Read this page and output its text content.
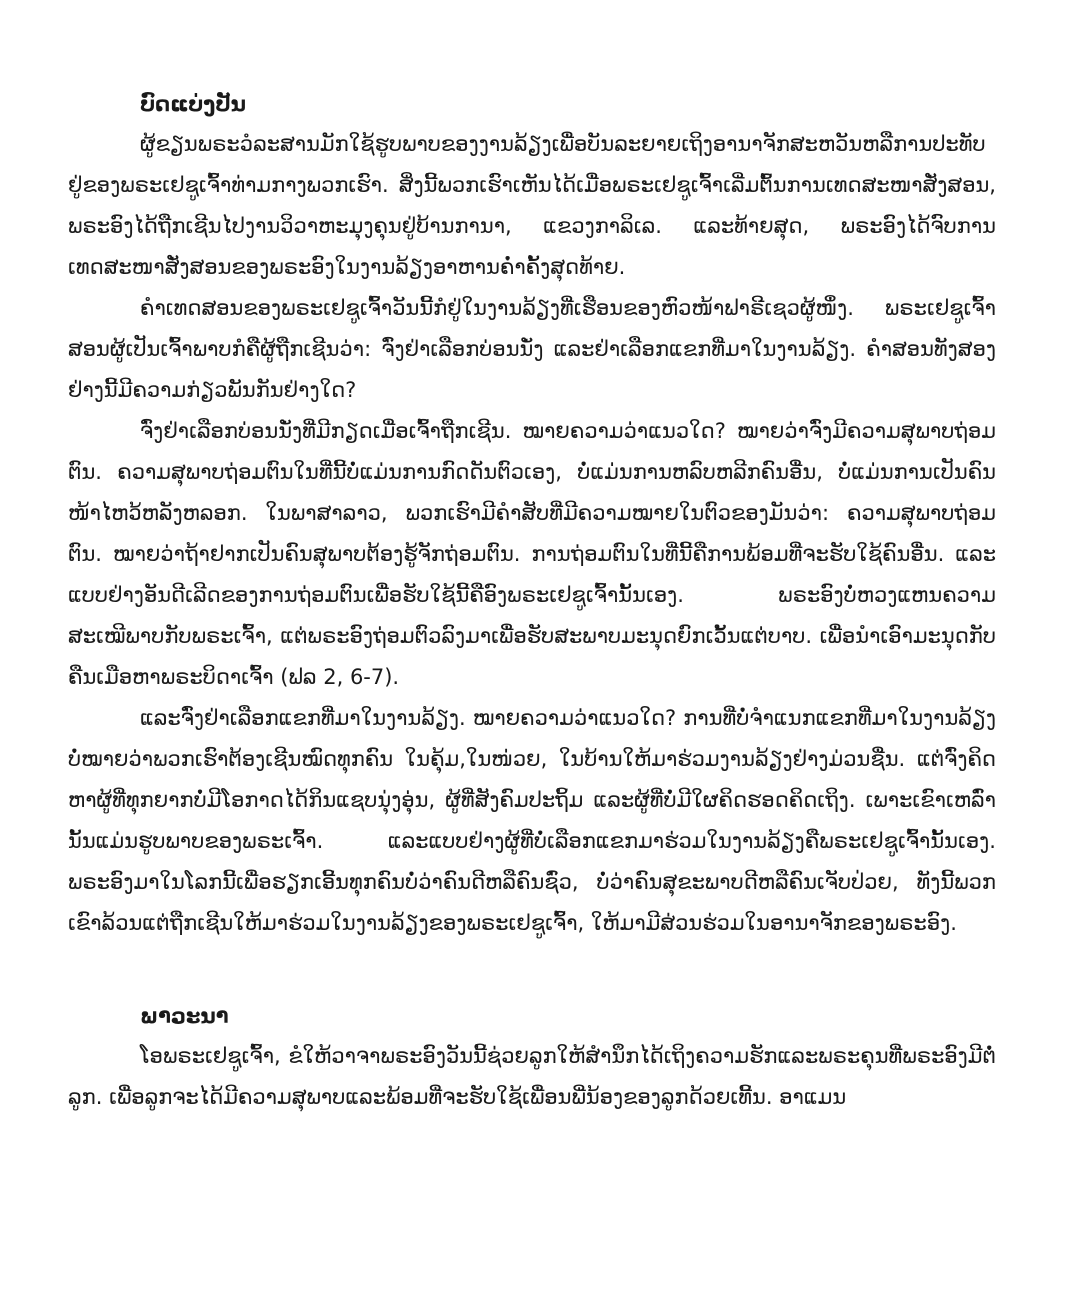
ບົດແບ່ງປັນ

ຜູ້ຂຽນພຣະວໍລະສານມັກໃຊ້ຮູບພາບຂອງງານລ້ຽງເພື່ອບັນລະຍາຍເຖິງອານາຈັກສະຫວັນຫລືການປະທັບຢູ່ຂອງພຣະເຢຊູເຈົ້າທ່າມກາງພວກເຮົາ. ສິ່ງນີ້ພວກເຮົາເຫັນໄດ້ເມື່ອພຣະເຢຊູເຈົ້າເລີ່ມຕົ້ນການເທດສະໜາສັ່ງສອນ, ພຣະອົງໄດ້ຖືກເຊີນໄປງານວິວາຫະມຸງຄຸນຢູ່ບ້ານການາ, ແຂວງກາລິເລ. ແລະທ້າຍສຸດ, ພຣະອົງໄດ້ຈົບການເທດສະໜາສັ່ງສອນຂອງພຣະອົງໃນງານລ້ຽງອາຫານຄ່ຳຄັ້ງສຸດທ້າຍ.

ຄຳເທດສອນຂອງພຣະເຢຊູເຈົ້າວັນນີ້ກໍຢູ່ໃນງານລ້ຽງທີ່ເຮືອນຂອງຫົວໜ້າຟາຣີເຊວຜູ້ໜຶ່ງ. ພຣະເຢຊູເຈົ້າສອນຜູ້ເປັນເຈົ້າພາບກໍຄືຜູ້ຖືກເຊີນວ່າ: ຈົ່ງຢ່າເລືອກບ່ອນນັ່ງ ແລະຢ່າເລືອກແຂກທີ່ມາໃນງານລ້ຽງ. ຄຳສອນທັງສອງຢ່າງນີ້ມີຄວາມກ່ຽວພັນກັນຢ່າງໃດ?

ຈົ່ງຢ່າເລືອກບ່ອນນັ່ງທີ່ມີກຽດເມື່ອເຈົ້າຖືກເຊີນ. ໝາຍຄວາມວ່າແນວໃດ? ໝາຍວ່າຈົ່ງມີຄວາມສຸພາບຖ່ອມຕົນ. ຄວາມສຸພາບຖ່ອມຕົນໃນທີ່ນີ້ບໍ່ແມ່ນການກົດດັນຕົວເອງ, ບໍ່ແມ່ນການຫລົບຫລີກຄົນອື່ນ, ບໍ່ແມ່ນການເປັນຄົນໜ້າໄຫວ້ຫລັງຫລອກ. ໃນພາສາລາວ, ພວກເຮົາມີຄຳສັບທີ່ມີຄວາມໝາຍໃນຕົວຂອງມັນວ່າ: ຄວາມສຸພາບຖ່ອມຕົນ. ໝາຍວ່າຖ້າຢາກເປັນຄົນສຸພາບຕ້ອງຮູ້ຈັກຖ່ອມຕົນ. ການຖ່ອມຕົນໃນທີ່ນີ້ຄືການພ້ອມທີ່ຈະຮັບໃຊ້ຄົນອື່ນ. ແລະແບບຢ່າງອັນດີເລີດຂອງການຖ່ອມຕົນເພື່ອຮັບໃຊ້ນີ້ຄືອົງພຣະເຢຊູເຈົ້ານັ້ນເອງ. ພຣະອົງບໍ່ຫວງແຫນຄວາມສະເໝີພາບກັບພຣະເຈົ້າ, ແຕ່ພຣະອົງຖ່ອມຕົວລົງມາເພື່ອຮັບສະພາບມະນຸດຍົກເວັ້ນແຕ່ບາບ. ເພື່ອນຳເອົາມະນຸດກັບຄືນເມືອຫາພຣະບິດາເຈົ້າ (ຟລ 2, 6-7).

ແລະຈົ່ງຢ່າເລືອກແຂກທີ່ມາໃນງານລ້ຽງ. ໝາຍຄວາມວ່າແນວໃດ? ການທີ່ບໍ່ຈຳແນກແຂກທີ່ມາໃນງານລ້ຽງບໍ່ໝາຍວ່າພວກເຮົາຕ້ອງເຊີນໝົດທຸກຄົນ ໃນຄຸ້ມ,ໃນໜ່ວຍ, ໃນບ້ານໃຫ້ມາຮ່ວມງານລ້ຽງຢ່າງມ່ວນຊື່ນ. ແຕ່ຈົ່ງຄິດຫາຜູ້ທີ່ທຸກຍາກບໍ່ມີໂອກາດໄດ້ກິນແຊບນຸ່ງອຸ່ນ, ຜູ້ທີ່ສັງຄົມປະຖິ້ມ ແລະຜູ້ທີ່ບໍ່ມີໃຜຄິດຮອດຄິດເຖິງ. ເພາະເຂົາເຫລົ່ານັ້ນແມ່ນຮູບພາບຂອງພຣະເຈົ້າ. ແລະແບບຢ່າງຜູ້ທີ່ບໍ່ເລືອກແຂກມາຮ່ວມໃນງານລ້ຽງຄືພຣະເຢຊູເຈົ້ານັ້ນເອງ. ພຣະອົງມາໃນໂລກນີ້ເພື່ອຮຽກເອີ້ນທຸກຄົນບໍ່ວ່າຄົນດີຫລືຄົນຊົ່ວ, ບໍ່ວ່າຄົນສຸຂະພາບດີຫລືຄົນເຈັບປ່ວຍ, ທັງນີ້ພວກເຂົາລ້ວນແຕ່ຖືກເຊີນໃຫ້ມາຮ່ວມໃນງານລ້ຽງຂອງພຣະເຢຊູເຈົ້າ, ໃຫ້ມາມີສ່ວນຮ່ວມໃນອານາຈັກຂອງພຣະອົງ.

ພາວະນາ

ໂອພຣະເຢຊູເຈົ້າ, ຂໍໃຫ້ວາຈາພຣະອົງວັນນີ້ຊ່ວຍລູກໃຫ້ສຳນຶກໄດ້ເຖິງຄວາມຮັກແລະພຣະຄຸນທີ່ພຣະອົງມີຕໍ່ລູກ. ເພື່ອລູກຈະໄດ້ມີຄວາມສຸພາບແລະພ້ອມທີ່ຈະຮັບໃຊ້ເພື່ອນພີ່ນ້ອງຂອງລູກດ້ວຍເທີ້ນ. ອາແມນ
